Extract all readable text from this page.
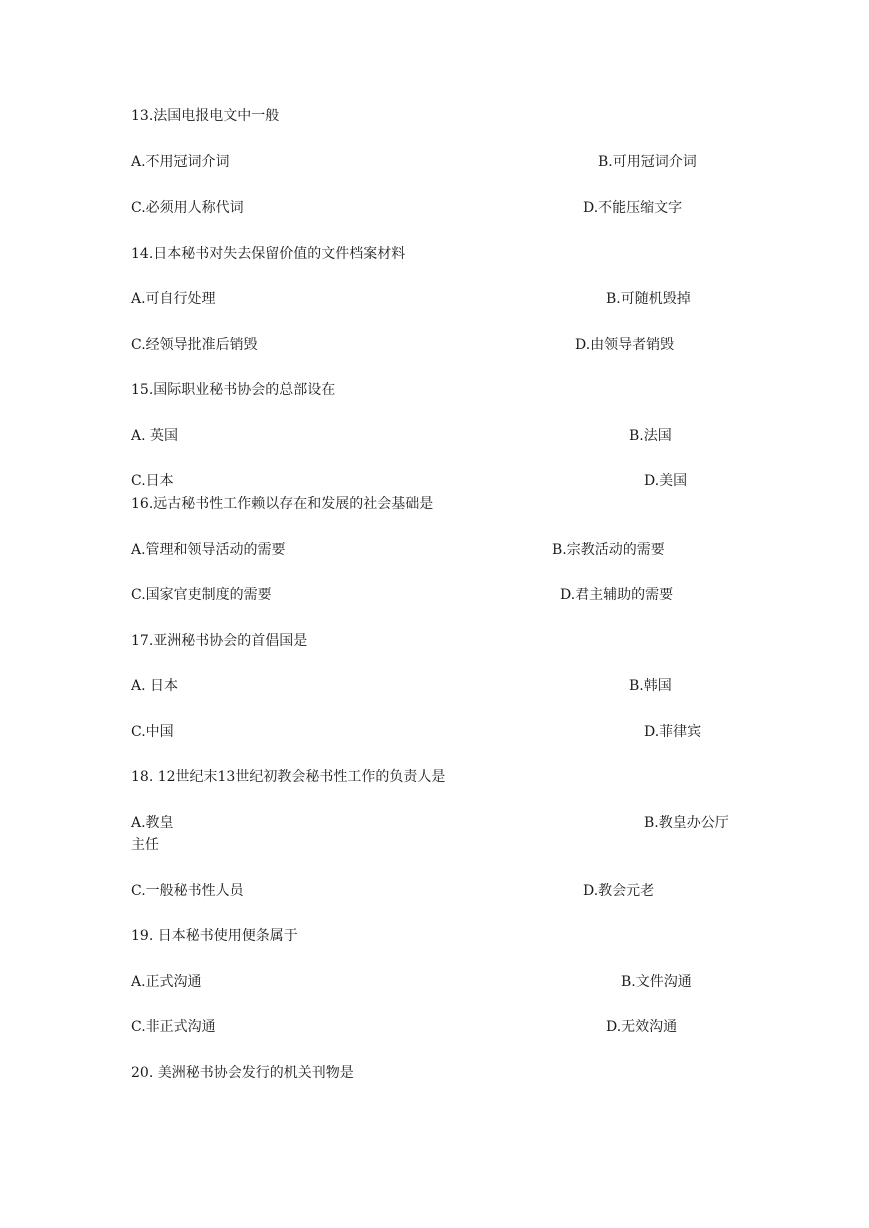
13.法国电报电文中一般
A.不用冠词介词	B.可用冠词介词
C.必须用人称代词	D.不能压缩文字
14.日本秘书对失去保留价值的文件档案材料
A.可自行处理	B.可随机毁掉
C.经领导批准后销毁	D.由领导者销毁
15.国际职业秘书协会的总部设在
A. 英国	B.法国
C.日本	D.美国
16.远古秘书性工作赖以存在和发展的社会基础是
A.管理和领导活动的需要	B.宗教活动的需要
C.国家官吏制度的需要	D.君主辅助的需要
17.亚洲秘书协会的首倡国是
A. 日本	B.韩国
C.中国	D.菲律宾
18. 12世纪末13世纪初教会秘书性工作的负责人是
A.教皇	B.教皇办公厅
主任
C.一般秘书性人员	D.教会元老
19. 日本秘书使用便条属于
A.正式沟通	B.文件沟通
C.非正式沟通	D.无效沟通
20. 美洲秘书协会发行的机关刊物是
